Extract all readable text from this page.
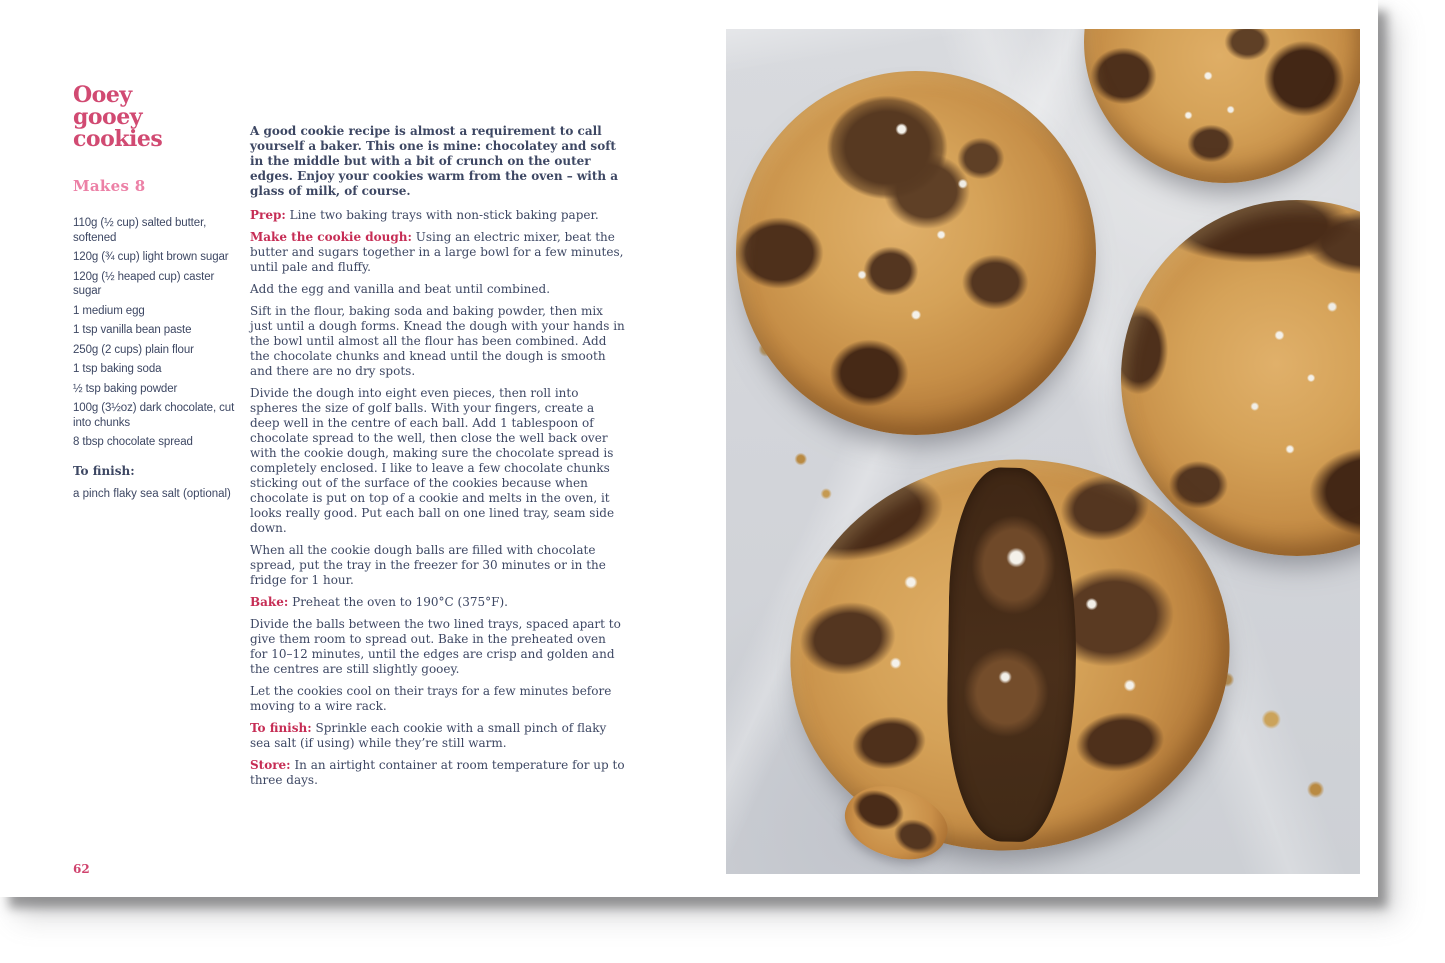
Ooey
gooey
cookies
Makes 8
110g (½ cup) salted butter, softened
120g (¾ cup) light brown sugar
120g (½ heaped cup) caster sugar
1 medium egg
1 tsp vanilla bean paste
250g (2 cups) plain flour
1 tsp baking soda
½ tsp baking powder
100g (3½oz) dark chocolate, cut into chunks
8 tbsp chocolate spread
To finish:
a pinch flaky sea salt (optional)

A good cookie recipe is almost a requirement to call yourself a baker. This one is mine: chocolatey and soft in the middle but with a bit of crunch on the outer edges. Enjoy your cookies warm from the oven – with a glass of milk, of course.

Prep: Line two baking trays with non-stick baking paper.

Make the cookie dough: Using an electric mixer, beat the butter and sugars together in a large bowl for a few minutes, until pale and fluffy.

Add the egg and vanilla and beat until combined.

Sift in the flour, baking soda and baking powder, then mix just until a dough forms. Knead the dough with your hands in the bowl until almost all the flour has been combined. Add the chocolate chunks and knead until the dough is smooth and there are no dry spots.

Divide the dough into eight even pieces, then roll into spheres the size of golf balls. With your fingers, create a deep well in the centre of each ball. Add 1 tablespoon of chocolate spread to the well, then close the well back over with the cookie dough, making sure the chocolate spread is completely enclosed. I like to leave a few chocolate chunks sticking out of the surface of the cookies because when chocolate is put on top of a cookie and melts in the oven, it looks really good. Put each ball on one lined tray, seam side down.

When all the cookie dough balls are filled with chocolate spread, put the tray in the freezer for 30 minutes or in the fridge for 1 hour.

Bake: Preheat the oven to 190°C (375°F).

Divide the balls between the two lined trays, spaced apart to give them room to spread out. Bake in the preheated oven for 10–12 minutes, until the edges are crisp and golden and the centres are still slightly gooey.

Let the cookies cool on their trays for a few minutes before moving to a wire rack.

To finish: Sprinkle each cookie with a small pinch of flaky sea salt (if using) while they’re still warm.

Store: In an airtight container at room temperature for up to three days.

62
